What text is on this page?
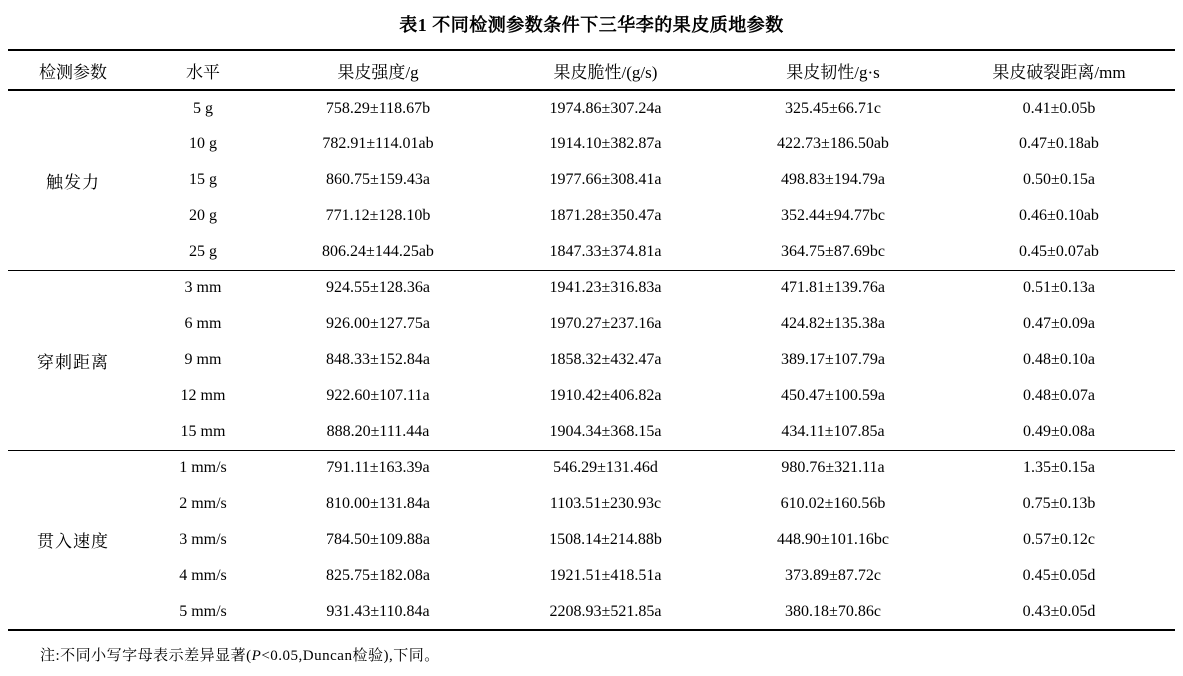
表1 不同检测参数条件下三华李的果皮质地参数
检测参数	水平	果皮强度/g	果皮脆性/(g/s)	果皮韧性/g·s	果皮破裂距离/mm
触发力	5 g	758.29±118.67b	1974.86±307.24a	325.45±66.71c	0.41±0.05b
	10 g	782.91±114.01ab	1914.10±382.87a	422.73±186.50ab	0.47±0.18ab
	15 g	860.75±159.43a	1977.66±308.41a	498.83±194.79a	0.50±0.15a
	20 g	771.12±128.10b	1871.28±350.47a	352.44±94.77bc	0.46±0.10ab
	25 g	806.24±144.25ab	1847.33±374.81a	364.75±87.69bc	0.45±0.07ab
穿刺距离	3 mm	924.55±128.36a	1941.23±316.83a	471.81±139.76a	0.51±0.13a
	6 mm	926.00±127.75a	1970.27±237.16a	424.82±135.38a	0.47±0.09a
	9 mm	848.33±152.84a	1858.32±432.47a	389.17±107.79a	0.48±0.10a
	12 mm	922.60±107.11a	1910.42±406.82a	450.47±100.59a	0.48±0.07a
	15 mm	888.20±111.44a	1904.34±368.15a	434.11±107.85a	0.49±0.08a
贯入速度	1 mm/s	791.11±163.39a	546.29±131.46d	980.76±321.11a	1.35±0.15a
	2 mm/s	810.00±131.84a	1103.51±230.93c	610.02±160.56b	0.75±0.13b
	3 mm/s	784.50±109.88a	1508.14±214.88b	448.90±101.16bc	0.57±0.12c
	4 mm/s	825.75±182.08a	1921.51±418.51a	373.89±87.72c	0.45±0.05d
	5 mm/s	931.43±110.84a	2208.93±521.85a	380.18±70.86c	0.43±0.05d
注:不同小写字母表示差异显著(P<0.05,Duncan检验),下同。
